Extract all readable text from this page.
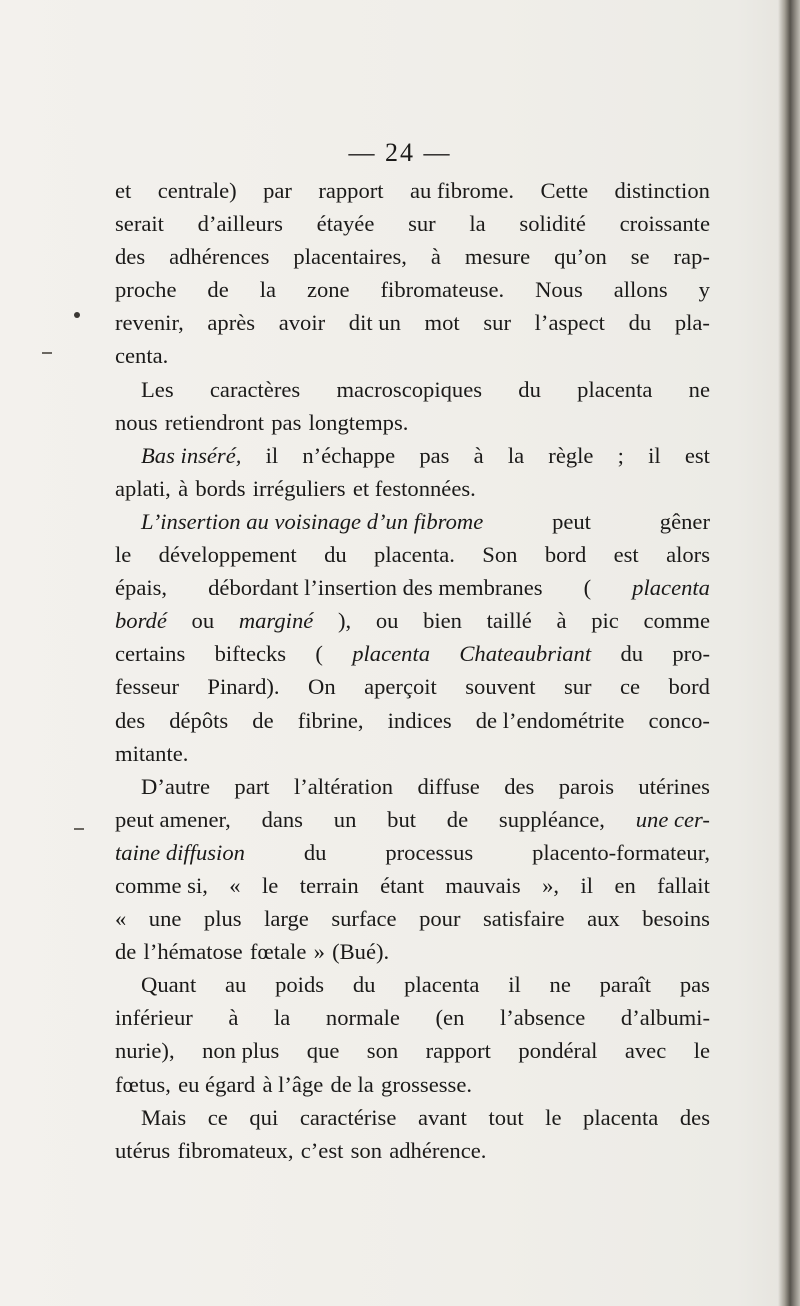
— 24 —
et centrale) par rapport au fibrome. Cette distinction
serait d’ailleurs étayée sur la solidité croissante
des adhérences placentaires, à mesure qu’on se rap-
proche de la zone fibromateuse. Nous allons y
revenir, après avoir dit un mot sur l’aspect du pla-
centa.
Les caractères macroscopiques du placenta ne
nous retiendront pas longtemps.
Bas inséré, il n’échappe pas à la règle ; il est
aplati, à bords irréguliers et festonnées.
L’insertion au voisinage d’un fibrome	peut	gêner
le développement du placenta. Son bord est alors
épais, débordant l’insertion des membranes ( placenta
bordé ou marginé ), ou bien taillé à pic comme
certains biftecks ( placenta Chateaubriant du pro-
fesseur Pinard). On aperçoit souvent sur ce bord
des dépôts de fibrine, indices de l’endométrite conco-
mitante.
D’autre part l’altération diffuse des parois utérines
peut amener, dans un but de suppléance, une cer-
taine diffusion	du	processus	placento-formateur,
comme si, « le terrain étant mauvais », il en fallait
« une plus large surface pour satisfaire aux besoins
de l’hématose fœtale » (Bué).
Quant au poids du placenta il ne paraît pas
inférieur à la normale (en l’absence d’albumi-
nurie), non plus que son rapport pondéral avec le
fœtus, eu égard à l’âge de la grossesse.
Mais ce qui caractérise avant tout le placenta des
utérus fibromateux, c’est son adhérence.
